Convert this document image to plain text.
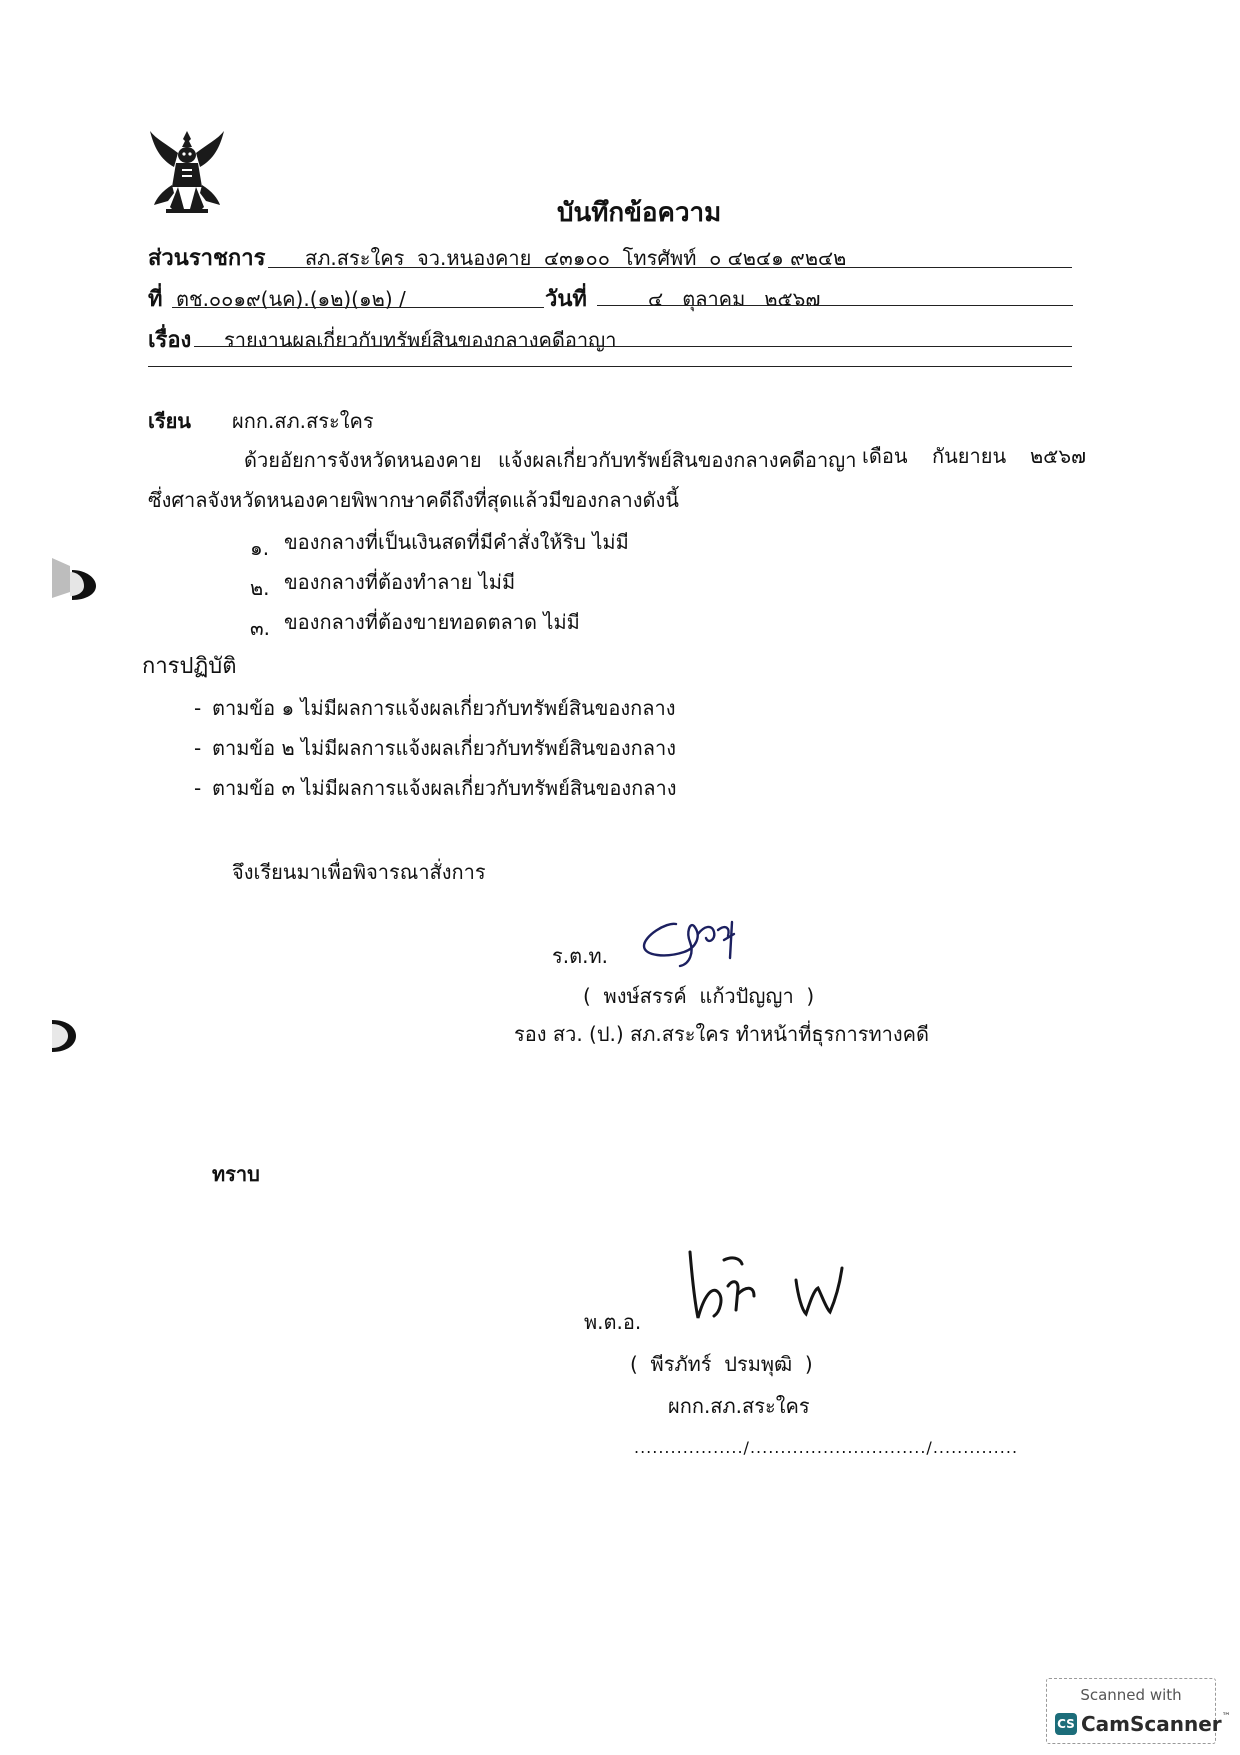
บันทึกข้อความ
ส่วนราชการ สภ.สระใคร  จว.หนองคาย  ๔๓๑๐๐  โทรศัพท์  ๐ ๔๒๔๑ ๙๒๔๒
ที่ ตช.๐๐๑๙(นค).(๑๒)(๑๒) /	วันที่	๔   ตุลาคม   ๒๕๖๗
เรื่อง รายงานผลเกี่ยวกับทรัพย์สินของกลางคดีอาญา
เรียน ผกก.สภ.สระใคร
ด้วยอัยการจังหวัดหนองคาย แจ้งผลเกี่ยวกับทรัพย์สินของกลางคดีอาญา เดือน กันยายน ๒๕๖๗
ซึ่งศาลจังหวัดหนองคายพิพากษาคดีถึงที่สุดแล้วมีของกลางดังนี้
๑. ของกลางที่เป็นเงินสดที่มีคำสั่งให้ริบ ไม่มี
๒. ของกลางที่ต้องทำลาย ไม่มี
๓. ของกลางที่ต้องขายทอดตลาด ไม่มี
การปฏิบัติ
- ตามข้อ ๑ ไม่มีผลการแจ้งผลเกี่ยวกับทรัพย์สินของกลาง
- ตามข้อ ๒ ไม่มีผลการแจ้งผลเกี่ยวกับทรัพย์สินของกลาง
- ตามข้อ ๓ ไม่มีผลการแจ้งผลเกี่ยวกับทรัพย์สินของกลาง
จึงเรียนมาเพื่อพิจารณาสั่งการ
ร.ต.ท.
(  พงษ์สรรค์  แก้วปัญญา  )
รอง สว. (ป.) สภ.สระใคร ทำหน้าที่ธุรการทางคดี
ทราบ
พ.ต.อ.
(  พีรภัทร์  ปรมพุฒิ  )
ผกก.สภ.สระใคร
................../............................./..............
Scanned with
CS CamScanner™
